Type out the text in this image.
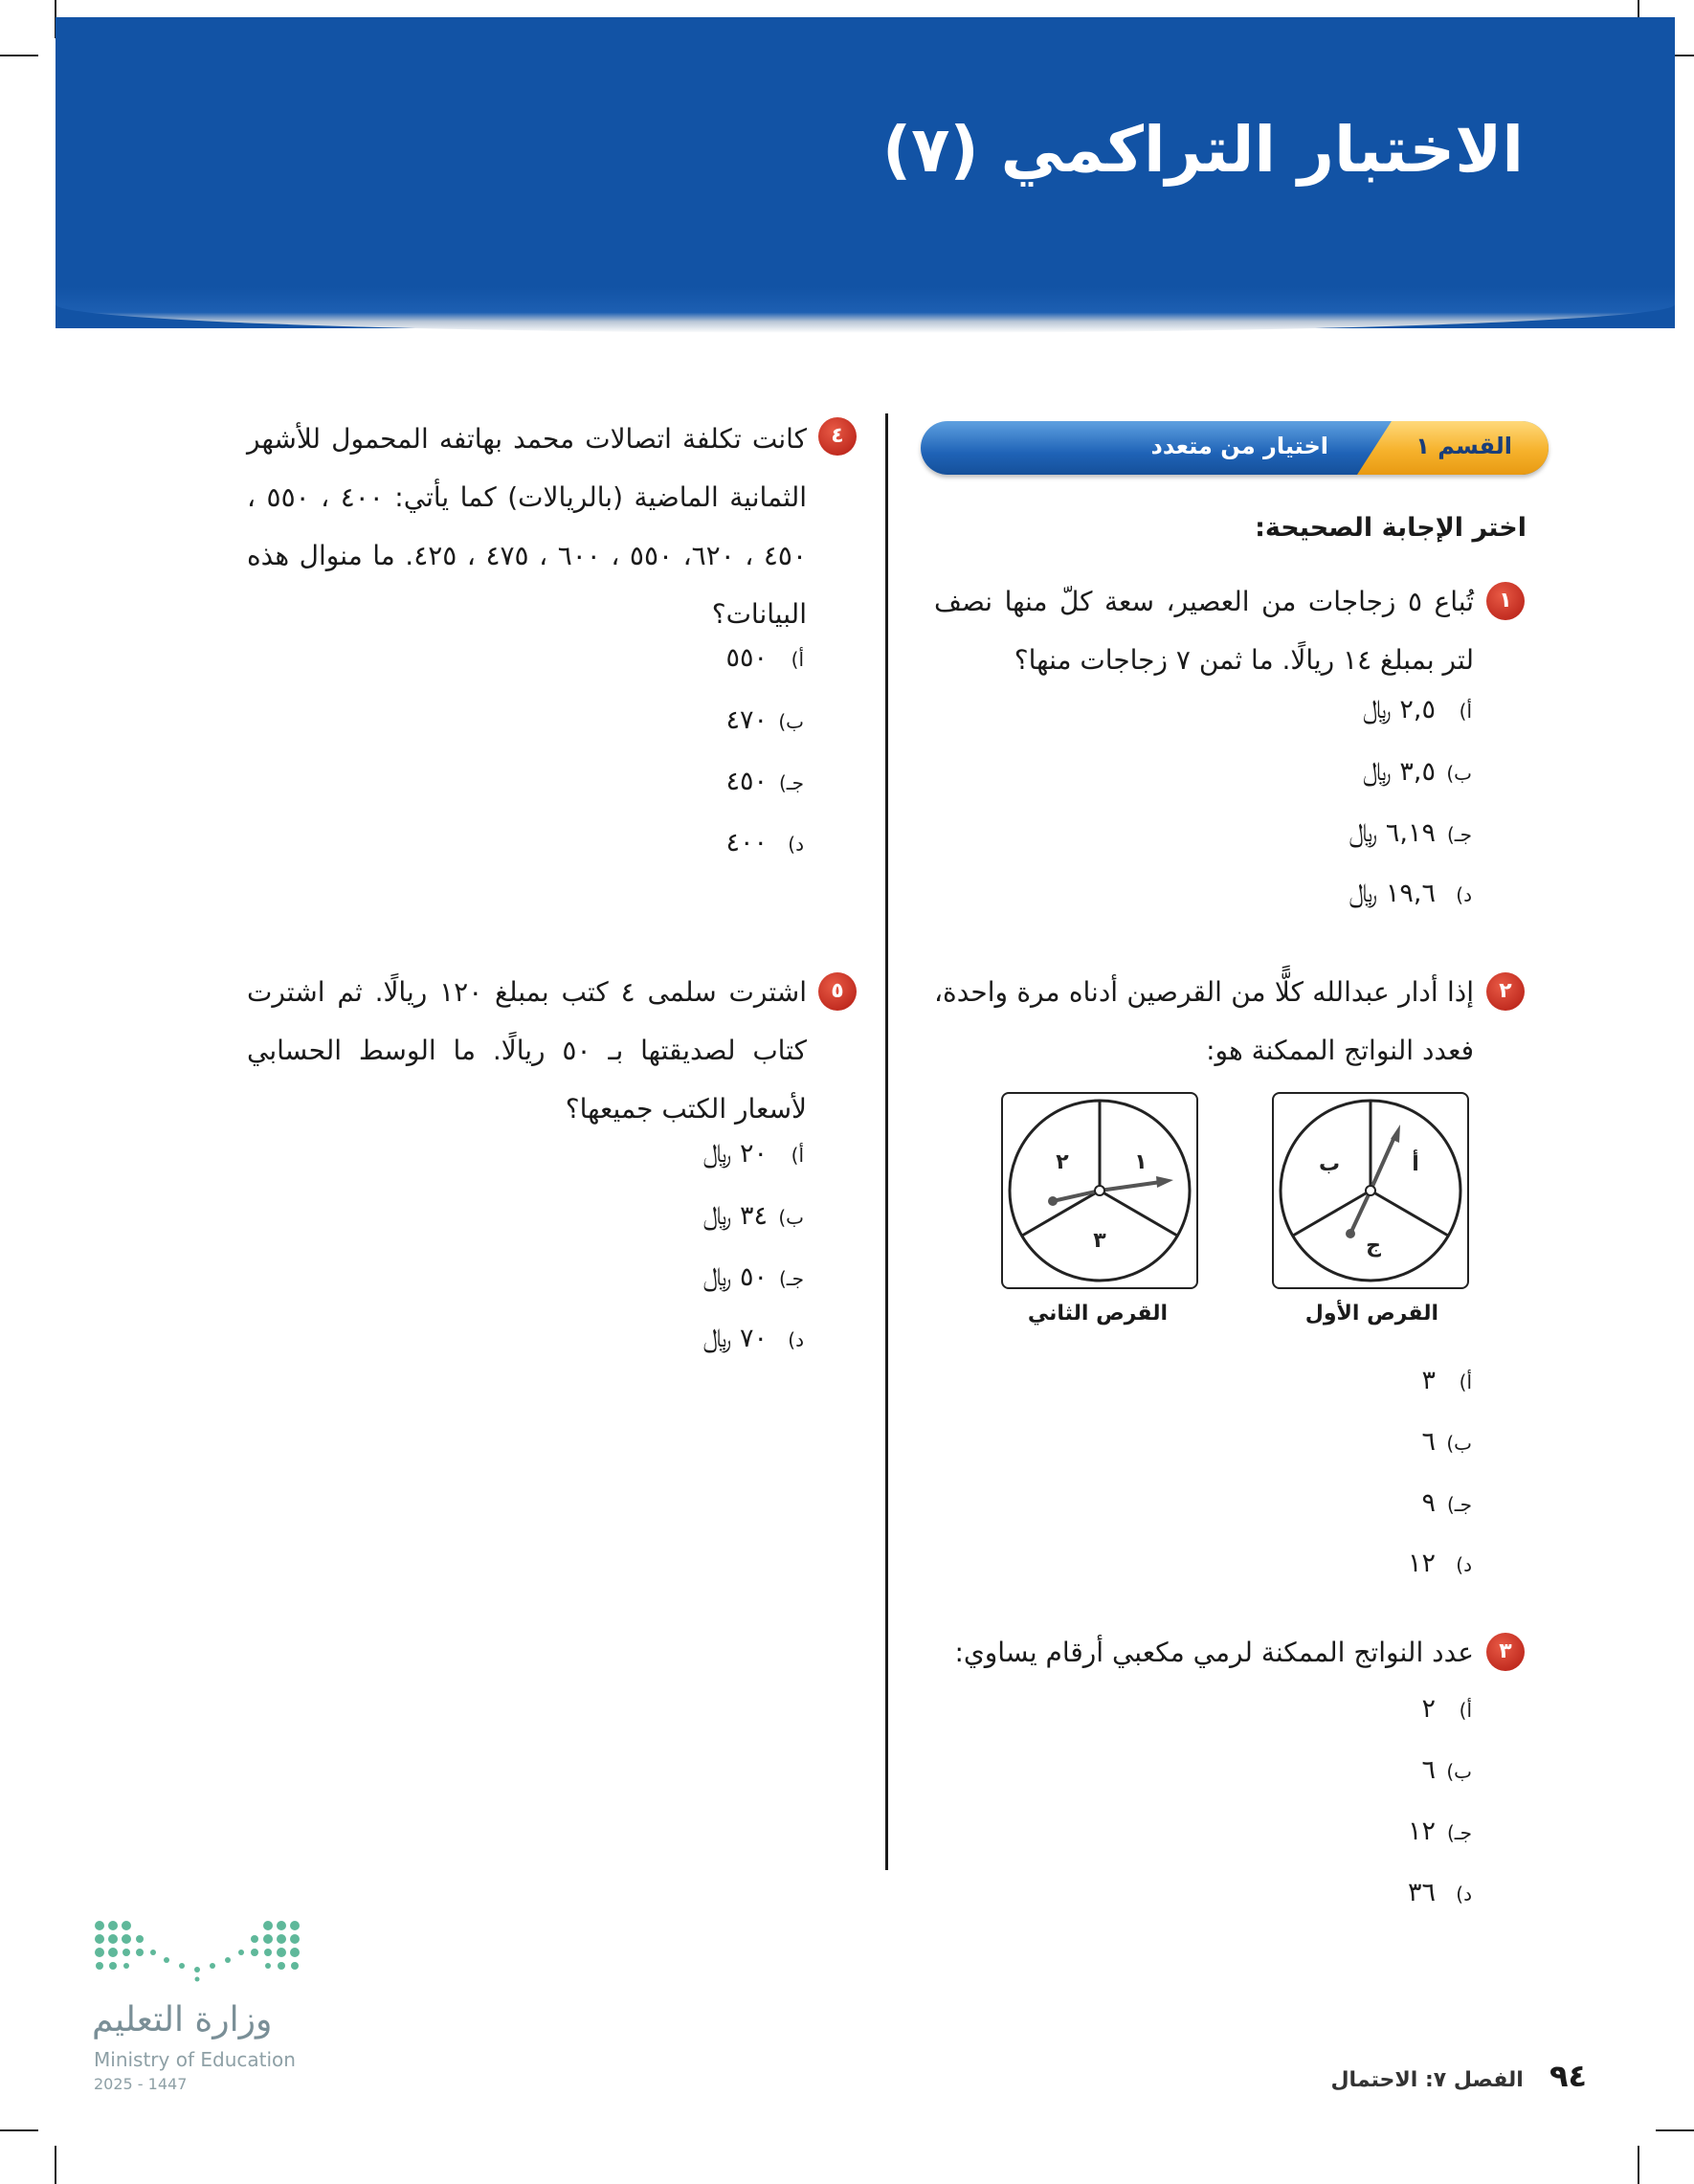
الاختبار التراكمي (٧)
القسم ١
اختيار من متعدد
اختر الإجابة الصحيحة:
١
تُباع ٥ زجاجات من العصير، سعة كلّ منها نصف لتر بمبلغ ١٤ ريالًا. ما ثمن ٧ زجاجات منها؟
أ)٢,٥ ﷼
ب)٣,٥ ﷼
جـ)٦,١٩ ﷼
د)١٩,٦ ﷼
٢
إذا أدار عبدالله كلًّا من القرصين أدناه مرة واحدة، فعدد النواتج الممكنة هو:
أ
ب
ج
القرص الأول
١
٢
٣
القرص الثاني
أ)٣
ب)٦
جـ)٩
د)١٢
٣
عدد النواتج الممكنة لرمي مكعبي أرقام يساوي:
أ)٢
ب)٦
جـ)١٢
د)٣٦
٤
كانت تكلفة اتصالات محمد بهاتفه المحمول للأشهر الثمانية الماضية (بالريالات) كما يأتي: ٤٠٠ ، ٥٥٠ ، ٤٥٠ ، ٦٢٠، ٥٥٠ ، ٦٠٠ ، ٤٧٥ ، ٤٢٥. ما منوال هذه البيانات؟
أ)٥٥٠
ب)٤٧٠
جـ)٤٥٠
د)٤٠٠
٥
اشترت سلمى ٤ كتب بمبلغ ١٢٠ ريالًا. ثم اشترت كتاب لصديقتها بـ ٥٠ ريالًا. ما الوسط الحسابي لأسعار الكتب جميعها؟
أ)٢٠ ﷼
ب)٣٤ ﷼
جـ)٥٠ ﷼
د)٧٠ ﷼
وزارة التعليم
Ministry of Education
2025 - 1447	٩٤ الفصل ٧: الاحتمال
